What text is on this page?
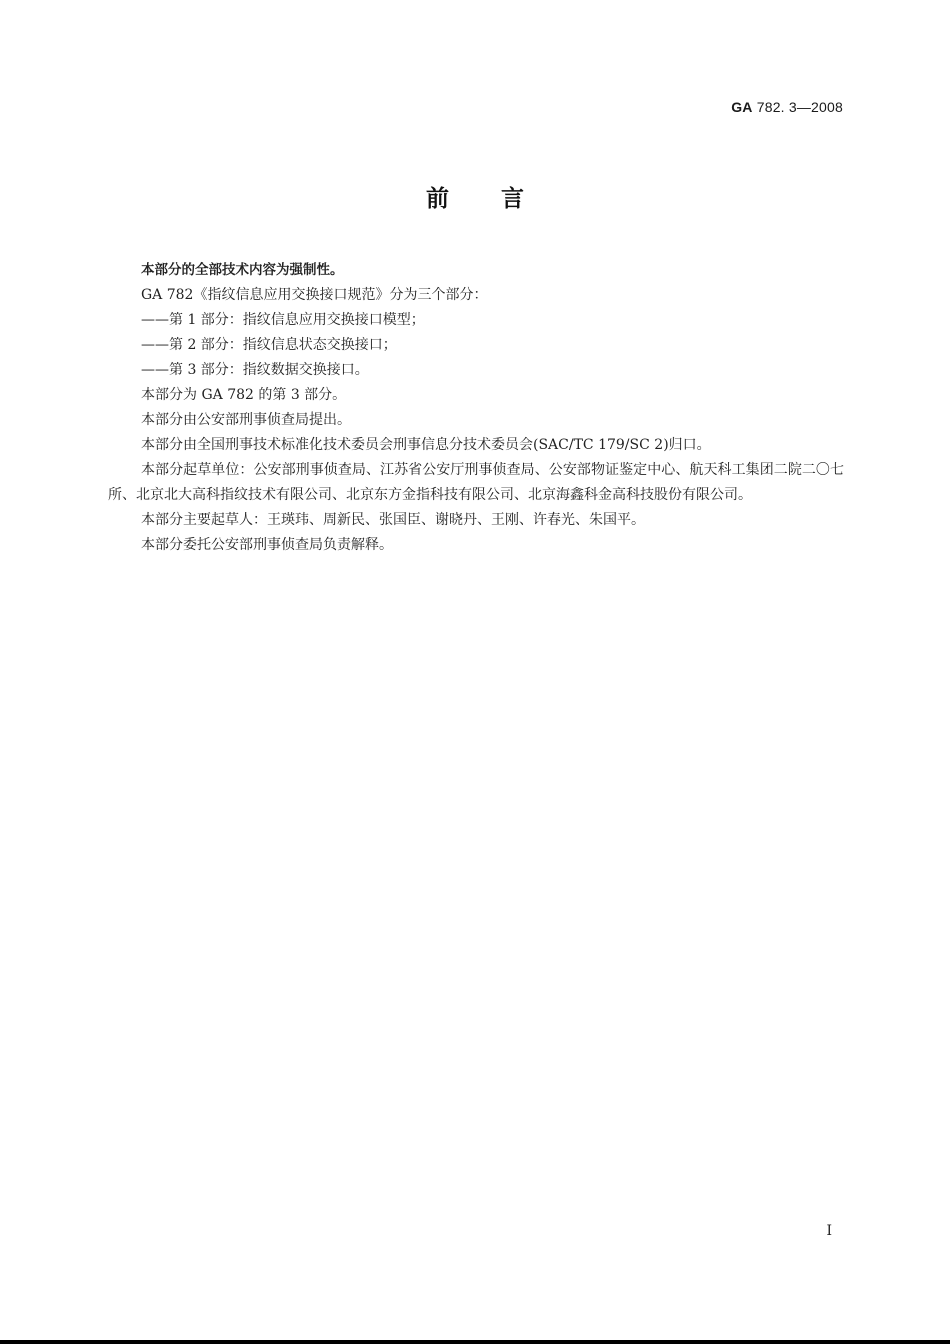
GA 782. 3—2008
前言

本部分的全部技术内容为强制性。

GA 782《指纹信息应用交换接口规范》分为三个部分：

——第 1 部分：指纹信息应用交换接口模型；

——第 2 部分：指纹信息状态交换接口；

——第 3 部分：指纹数据交换接口。

本部分为 GA 782 的第 3 部分。

本部分由公安部刑事侦查局提出。

本部分由全国刑事技术标准化技术委员会刑事信息分技术委员会(SAC/TC 179/SC 2)归口。

本部分起草单位：公安部刑事侦查局、江苏省公安厅刑事侦查局、公安部物证鉴定中心、航天科工集团二院二〇七所、北京北大高科指纹技术有限公司、北京东方金指科技有限公司、北京海鑫科金高科技股份有限公司。

本部分主要起草人：王瑛玮、周新民、张国臣、谢晓丹、王刚、许春光、朱国平。

本部分委托公安部刑事侦查局负责解释。

I
